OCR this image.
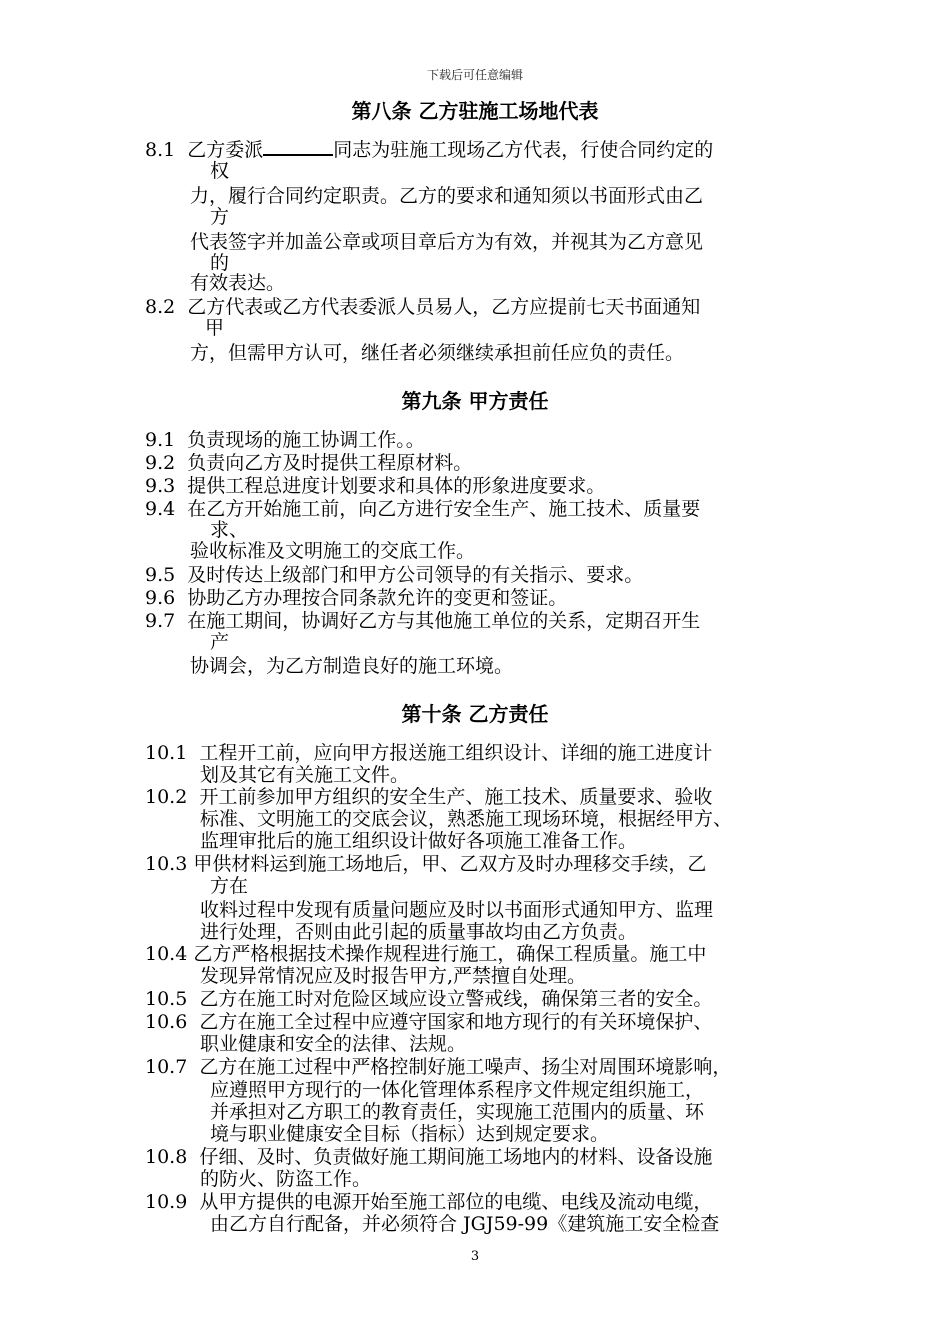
下载后可任意编辑
第八条 乙方驻施工场地代表
8.1  乙方委派	同志为驻施工现场乙方代表，行使合同约定的
权
力，履行合同约定职责。乙方的要求和通知须以书面形式由乙
方
代表签字并加盖公章或项目章后方为有效，并视其为乙方意见
的
有效表达。
8.2  乙方代表或乙方代表委派人员易人，乙方应提前七天书面通知
甲
方，但需甲方认可，继任者必须继续承担前任应负的责任。
第九条 甲方责任
9.1  负责现场的施工协调工作。。
9.2  负责向乙方及时提供工程原材料。
9.3  提供工程总进度计划要求和具体的形象进度要求。
9.4  在乙方开始施工前，向乙方进行安全生产、施工技术、质量要
求、
验收标准及文明施工的交底工作。
9.5  及时传达上级部门和甲方公司领导的有关指示、要求。
9.6  协助乙方办理按合同条款允许的变更和签证。
9.7  在施工期间，协调好乙方与其他施工单位的关系，定期召开生
产
协调会，为乙方制造良好的施工环境。
第十条 乙方责任
10.1  工程开工前，应向甲方报送施工组织设计、详细的施工进度计
划及其它有关施工文件。
10.2  开工前参加甲方组织的安全生产、施工技术、质量要求、验收
标准、文明施工的交底会议，熟悉施工现场环境，根据经甲方、
监理审批后的施工组织设计做好各项施工准备工作。
10.3 甲供材料运到施工场地后，甲、乙双方及时办理移交手续，乙
方在
收料过程中发现有质量问题应及时以书面形式通知甲方、监理
进行处理，否则由此引起的质量事故均由乙方负责。
10.4 乙方严格根据技术操作规程进行施工，确保工程质量。施工中
发现异常情况应及时报告甲方,严禁擅自处理。
10.5  乙方在施工时对危险区域应设立警戒线，确保第三者的安全。
10.6  乙方在施工全过程中应遵守国家和地方现行的有关环境保护、
职业健康和安全的法律、法规。
10.7  乙方在施工过程中严格控制好施工噪声、扬尘对周围环境影响，
应遵照甲方现行的一体化管理体系程序文件规定组织施工，
并承担对乙方职工的教育责任，实现施工范围内的质量、环
境与职业健康安全目标（指标）达到规定要求。
10.8  仔细、及时、负责做好施工期间施工场地内的材料、设备设施
的防火、防盗工作。
10.9  从甲方提供的电源开始至施工部位的电缆、电线及流动电缆，
由乙方自行配备，并必须符合 JGJ59-99《建筑施工安全检查
3
